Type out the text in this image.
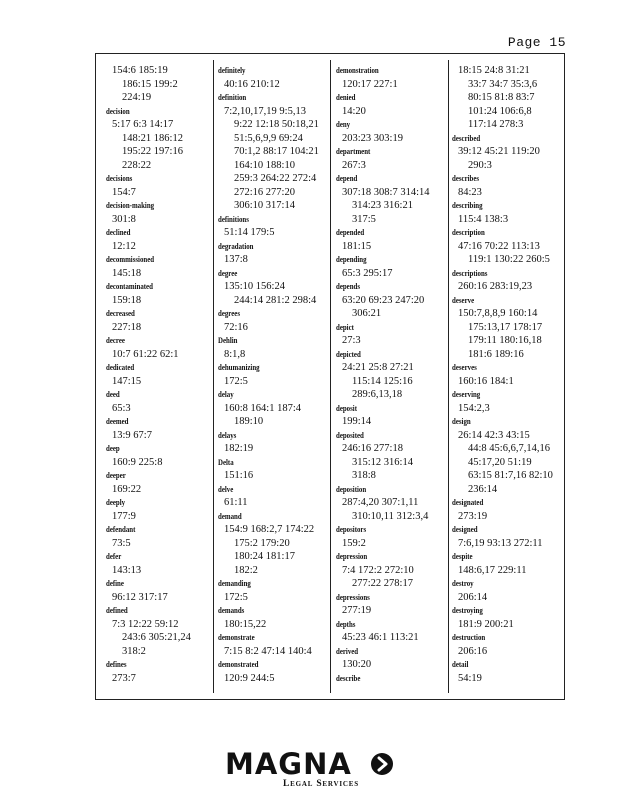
Page 15
154:6 185:19
186:15 199:2
224:19
decision
5:17 6:3 14:17
148:21 186:12
195:22 197:16
228:22
decisions
154:7
decision-making
301:8
declined
12:12
decommissioned
145:18
decontaminated
159:18
decreased
227:18
decree
10:7 61:22 62:1
dedicated
147:15
deed
65:3
deemed
13:9 67:7
deep
160:9 225:8
deeper
169:22
deeply
177:9
defendant
73:5
defer
143:13
define
96:12 317:17
defined
7:3 12:22 59:12
243:6 305:21,24
318:2
defines
273:7
definitely
40:16 210:12
definition
7:2,10,17,19 9:5,13
9:22 12:18 50:18,21
51:5,6,9,9 69:24
70:1,2 88:17 104:21
164:10 188:10
259:3 264:22 272:4
272:16 277:20
306:10 317:14
definitions
51:14 179:5
degradation
137:8
degree
135:10 156:24
244:14 281:2 298:4
degrees
72:16
Dehlin
8:1,8
dehumanizing
172:5
delay
160:8 164:1 187:4
189:10
delays
182:19
Delta
151:16
delve
61:11
demand
154:9 168:2,7 174:22
175:2 179:20
180:24 181:17
182:2
demanding
172:5
demands
180:15,22
demonstrate
7:15 8:2 47:14 140:4
demonstrated
120:9 244:5
demonstration
120:17 227:1
denied
14:20
deny
203:23 303:19
department
267:3
depend
307:18 308:7 314:14
314:23 316:21
317:5
depended
181:15
depending
65:3 295:17
depends
63:20 69:23 247:20
306:21
depict
27:3
depicted
24:21 25:8 27:21
115:14 125:16
289:6,13,18
deposit
199:14
deposited
246:16 277:18
315:12 316:14
318:8
deposition
287:4,20 307:1,11
310:10,11 312:3,4
depositors
159:2
depression
7:4 172:2 272:10
277:22 278:17
depressions
277:19
depths
45:23 46:1 113:21
derived
130:20
describe
18:15 24:8 31:21
33:7 34:7 35:3,6
80:15 81:8 83:7
101:24 106:6,8
117:14 278:3
described
39:12 45:21 119:20
290:3
describes
84:23
describing
115:4 138:3
description
47:16 70:22 113:13
119:1 130:22 260:5
descriptions
260:16 283:19,23
deserve
150:7,8,8,9 160:14
175:13,17 178:17
179:11 180:16,18
181:6 189:16
deserves
160:16 184:1
deserving
154:2,3
design
26:14 42:3 43:15
44:8 45:6,6,7,14,16
45:17,20 51:19
63:15 81:7,16 82:10
236:14
designated
273:19
designed
7:6,19 93:13 272:11
despite
148:6,17 229:11
destroy
206:14
destroying
181:9 200:21
destruction
206:16
detail
54:19
MAGNA
Legal Services
